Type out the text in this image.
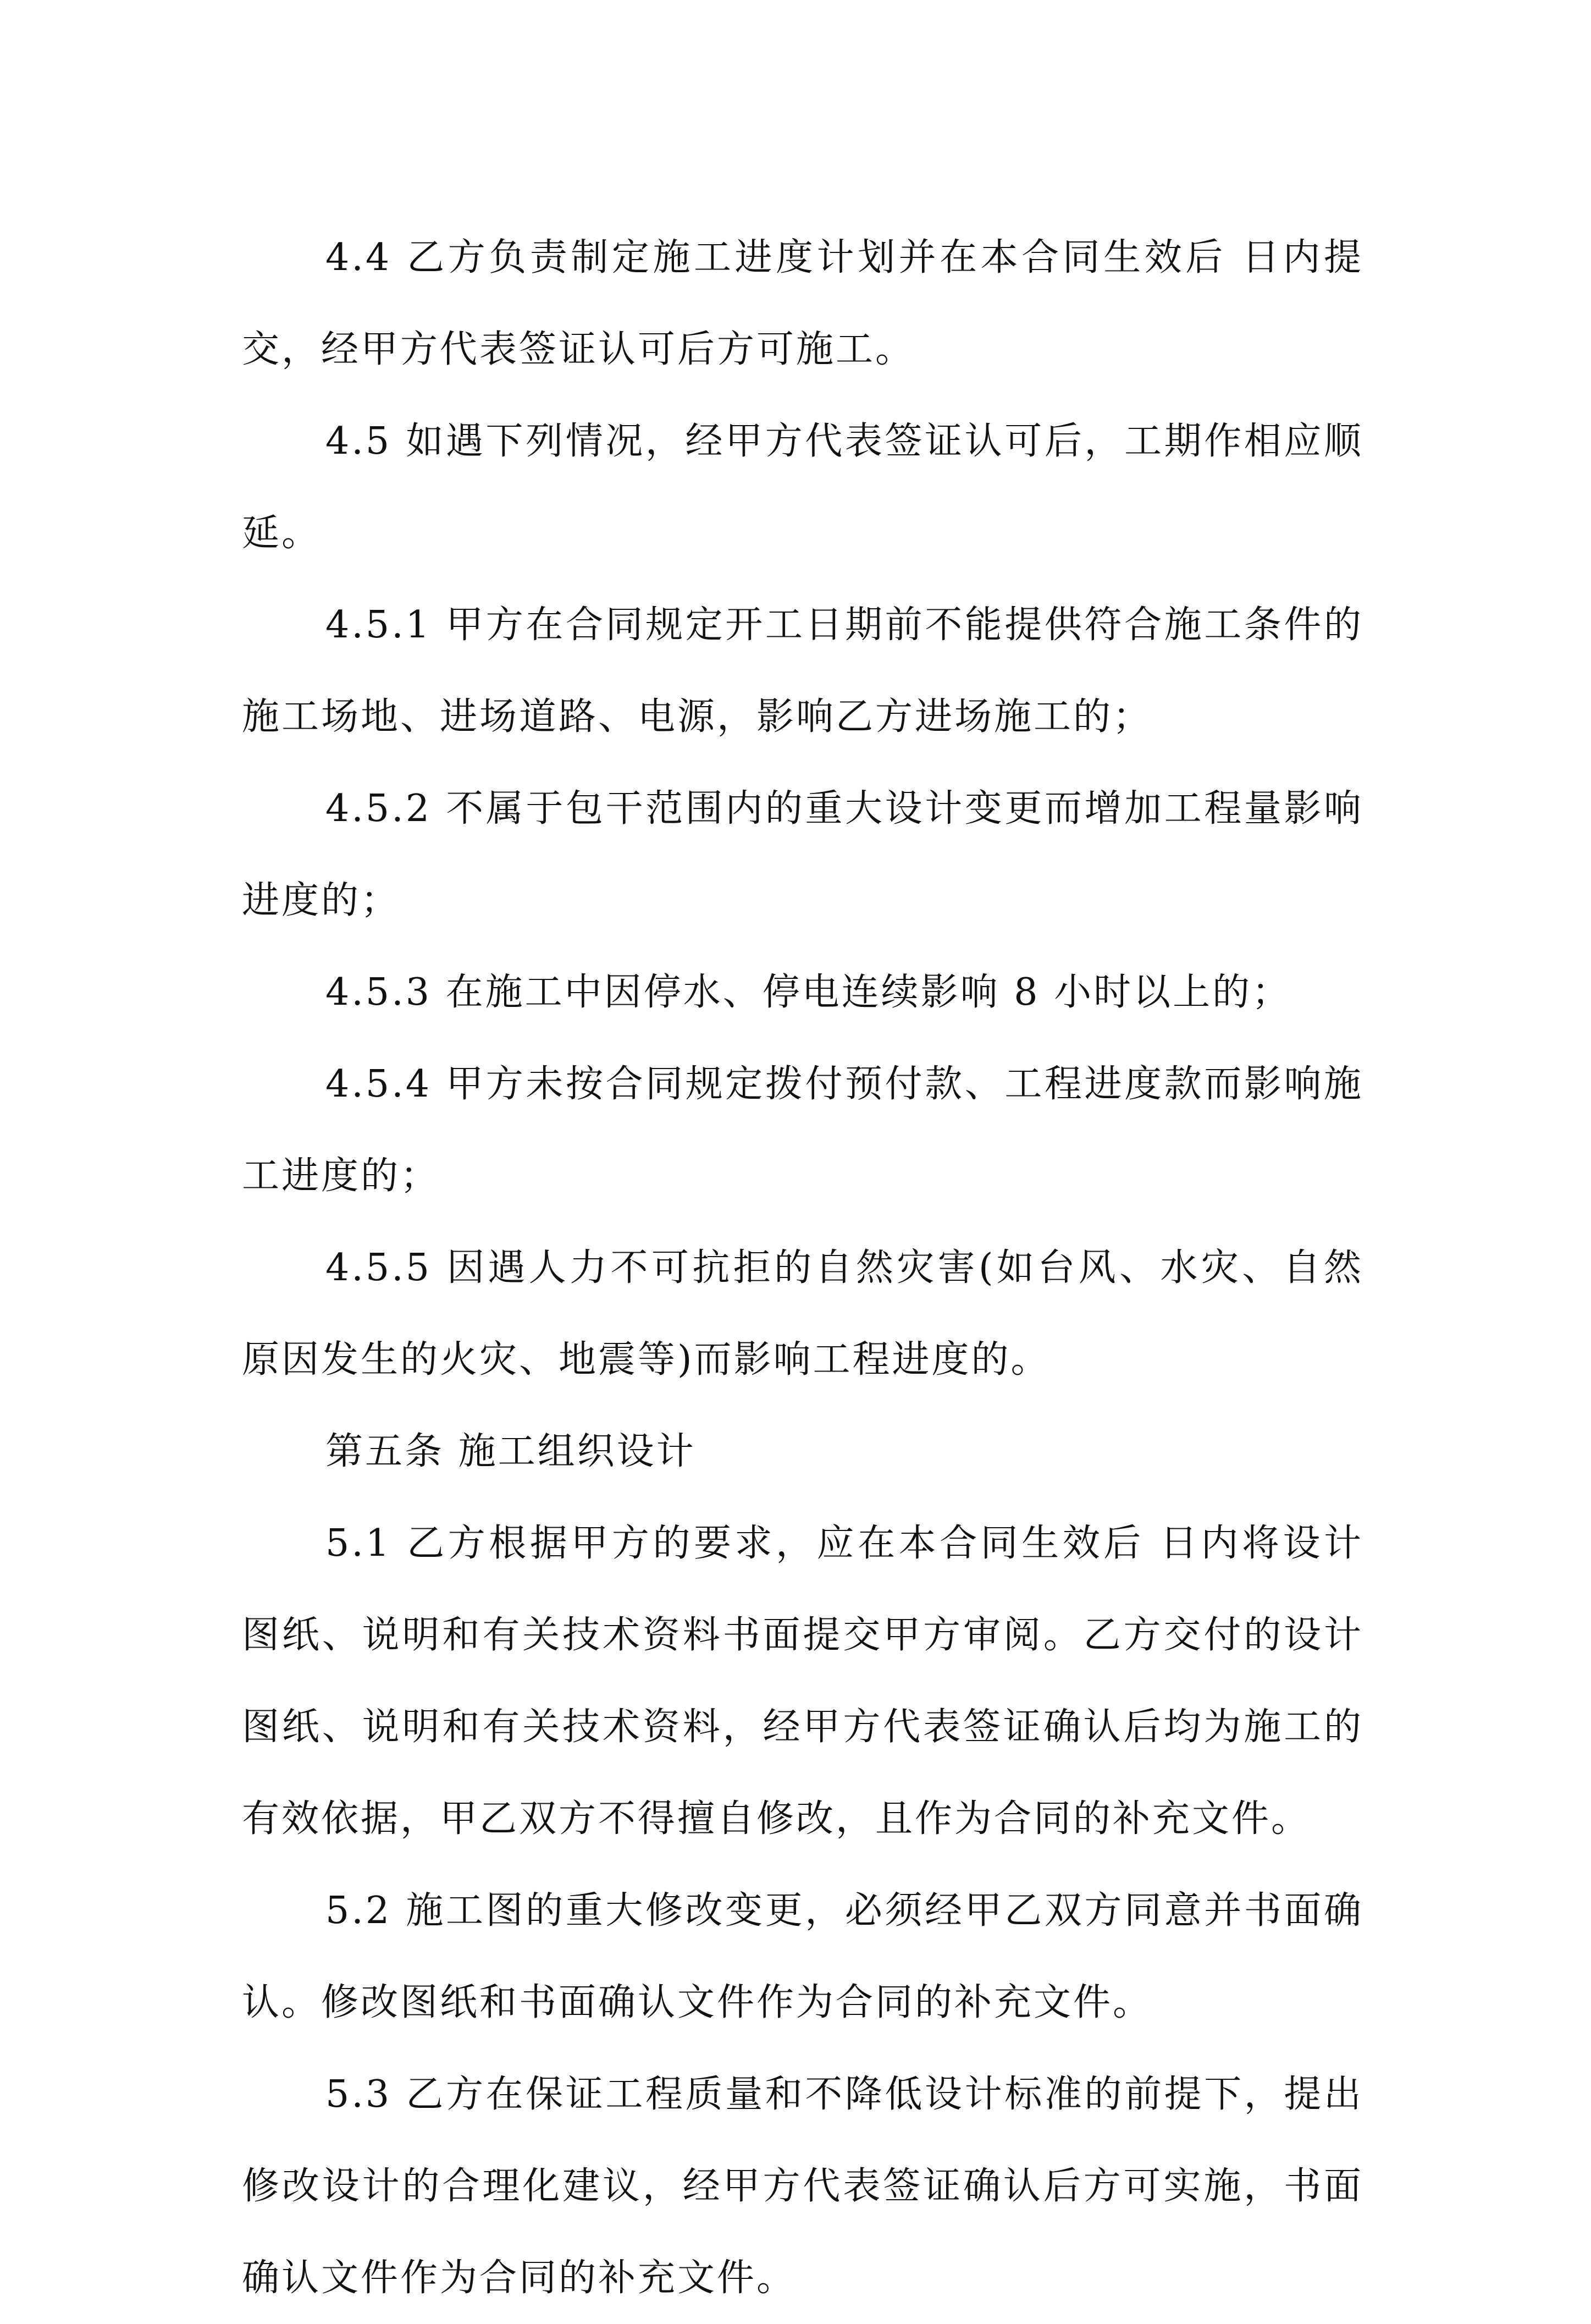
4.4 乙方负责制定施工进度计划并在本合同生效后 日内提交，经甲方代表签证认可后方可施工。

4.5 如遇下列情况，经甲方代表签证认可后，工期作相应顺延。

4.5.1 甲方在合同规定开工日期前不能提供符合施工条件的施工场地、进场道路、电源，影响乙方进场施工的；

4.5.2 不属于包干范围内的重大设计变更而增加工程量影响进度的；

4.5.3 在施工中因停水、停电连续影响 8 小时以上的；

4.5.4 甲方未按合同规定拨付预付款、工程进度款而影响施工进度的；

4.5.5 因遇人力不可抗拒的自然灾害(如台风、水灾、自然原因发生的火灾、地震等)而影响工程进度的。

第五条 施工组织设计

5.1 乙方根据甲方的要求，应在本合同生效后 日内将设计图纸、说明和有关技术资料书面提交甲方审阅。乙方交付的设计图纸、说明和有关技术资料，经甲方代表签证确认后均为施工的有效依据，甲乙双方不得擅自修改，且作为合同的补充文件。

5.2 施工图的重大修改变更，必须经甲乙双方同意并书面确认。修改图纸和书面确认文件作为合同的补充文件。

5.3 乙方在保证工程质量和不降低设计标准的前提下，提出修改设计的合理化建议，经甲方代表签证确认后方可实施，书面确认文件作为合同的补充文件。
